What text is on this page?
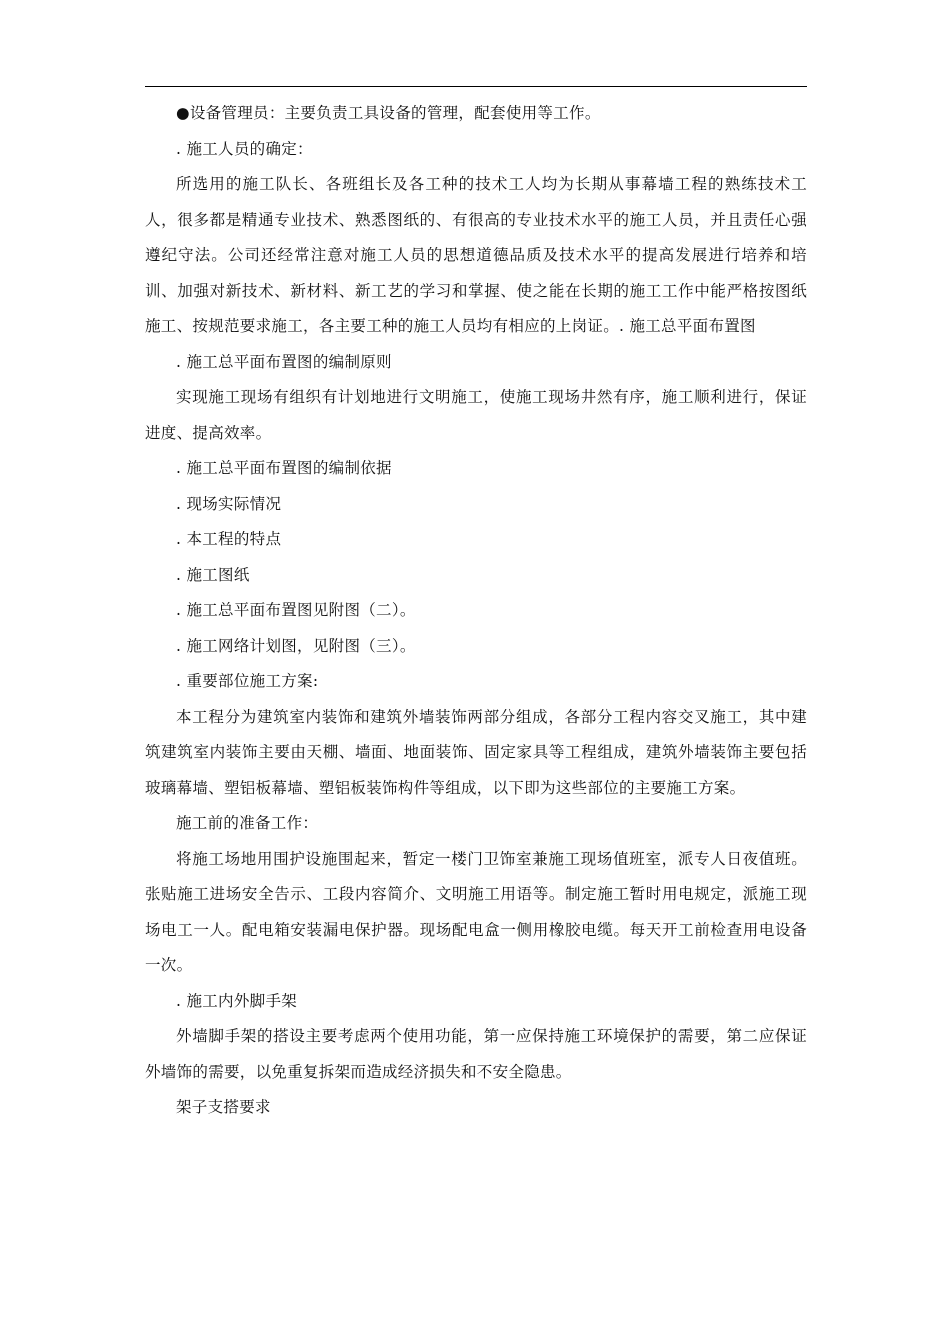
●设备管理员：主要负责工具设备的管理，配套使用等工作。

. 施工人员的确定：

所选用的施工队长、各班组长及各工种的技术工人均为长期从事幕墙工程的熟练技术工人，很多都是精通专业技术、熟悉图纸的、有很高的专业技术水平的施工人员，并且责任心强遵纪守法。公司还经常注意对施工人员的思想道德品质及技术水平的提高发展进行培养和培训、加强对新技术、新材料、新工艺的学习和掌握、使之能在长期的施工工作中能严格按图纸施工、按规范要求施工，各主要工种的施工人员均有相应的上岗证。. 施工总平面布置图

. 施工总平面布置图的编制原则

实现施工现场有组织有计划地进行文明施工，使施工现场井然有序，施工顺利进行，保证进度、提高效率。

. 施工总平面布置图的编制依据

. 现场实际情况

. 本工程的特点

. 施工图纸

. 施工总平面布置图见附图（二）。

. 施工网络计划图，见附图（三）。

. 重要部位施工方案:

本工程分为建筑室内装饰和建筑外墙装饰两部分组成，各部分工程内容交叉施工，其中建筑建筑室内装饰主要由天棚、墙面、地面装饰、固定家具等工程组成，建筑外墙装饰主要包括玻璃幕墙、塑铝板幕墙、塑铝板装饰构件等组成，以下即为这些部位的主要施工方案。

施工前的准备工作：

将施工场地用围护设施围起来，暂定一楼门卫饰室兼施工现场值班室，派专人日夜值班。张贴施工进场安全告示、工段内容简介、文明施工用语等。制定施工暂时用电规定，派施工现场电工一人。配电箱安装漏电保护器。现场配电盒一侧用橡胶电缆。每天开工前检查用电设备一次。

. 施工内外脚手架

外墙脚手架的搭设主要考虑两个使用功能，第一应保持施工环境保护的需要，第二应保证外墙饰的需要，以免重复拆架而造成经济损失和不安全隐患。

架子支搭要求
